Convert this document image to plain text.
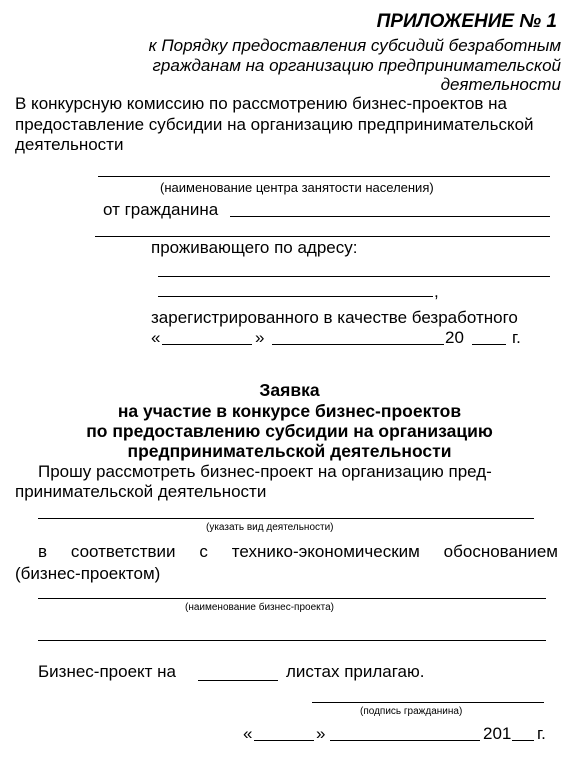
ПРИЛОЖЕНИЕ № 1
к Порядку предоставления субсидий безработным
гражданам на организацию предпринимательской
деятельности
В конкурсную комиссию по рассмотрению бизнес-проектов на
предоставление субсидии на организацию предпринимательской
деятельности
(наименование центра занятости населения)
от гражданина
проживающего по адресу:
,
зарегистрированного в качестве безработного
«	»	20	г.
Заявка
на участие в конкурсе бизнес-проектов
по предоставлению субсидии на организацию
предпринимательской деятельности
Прошу рассмотреть бизнес-проект на организацию пред-
принимательской деятельности
(указать вид деятельности)
в соответствии с технико-экономическим обоснованием
(бизнес-проектом)
(наименование бизнес-проекта)
Бизнес-проект на	листах прилагаю.
(подпись гражданина)
«	»	201 г.
